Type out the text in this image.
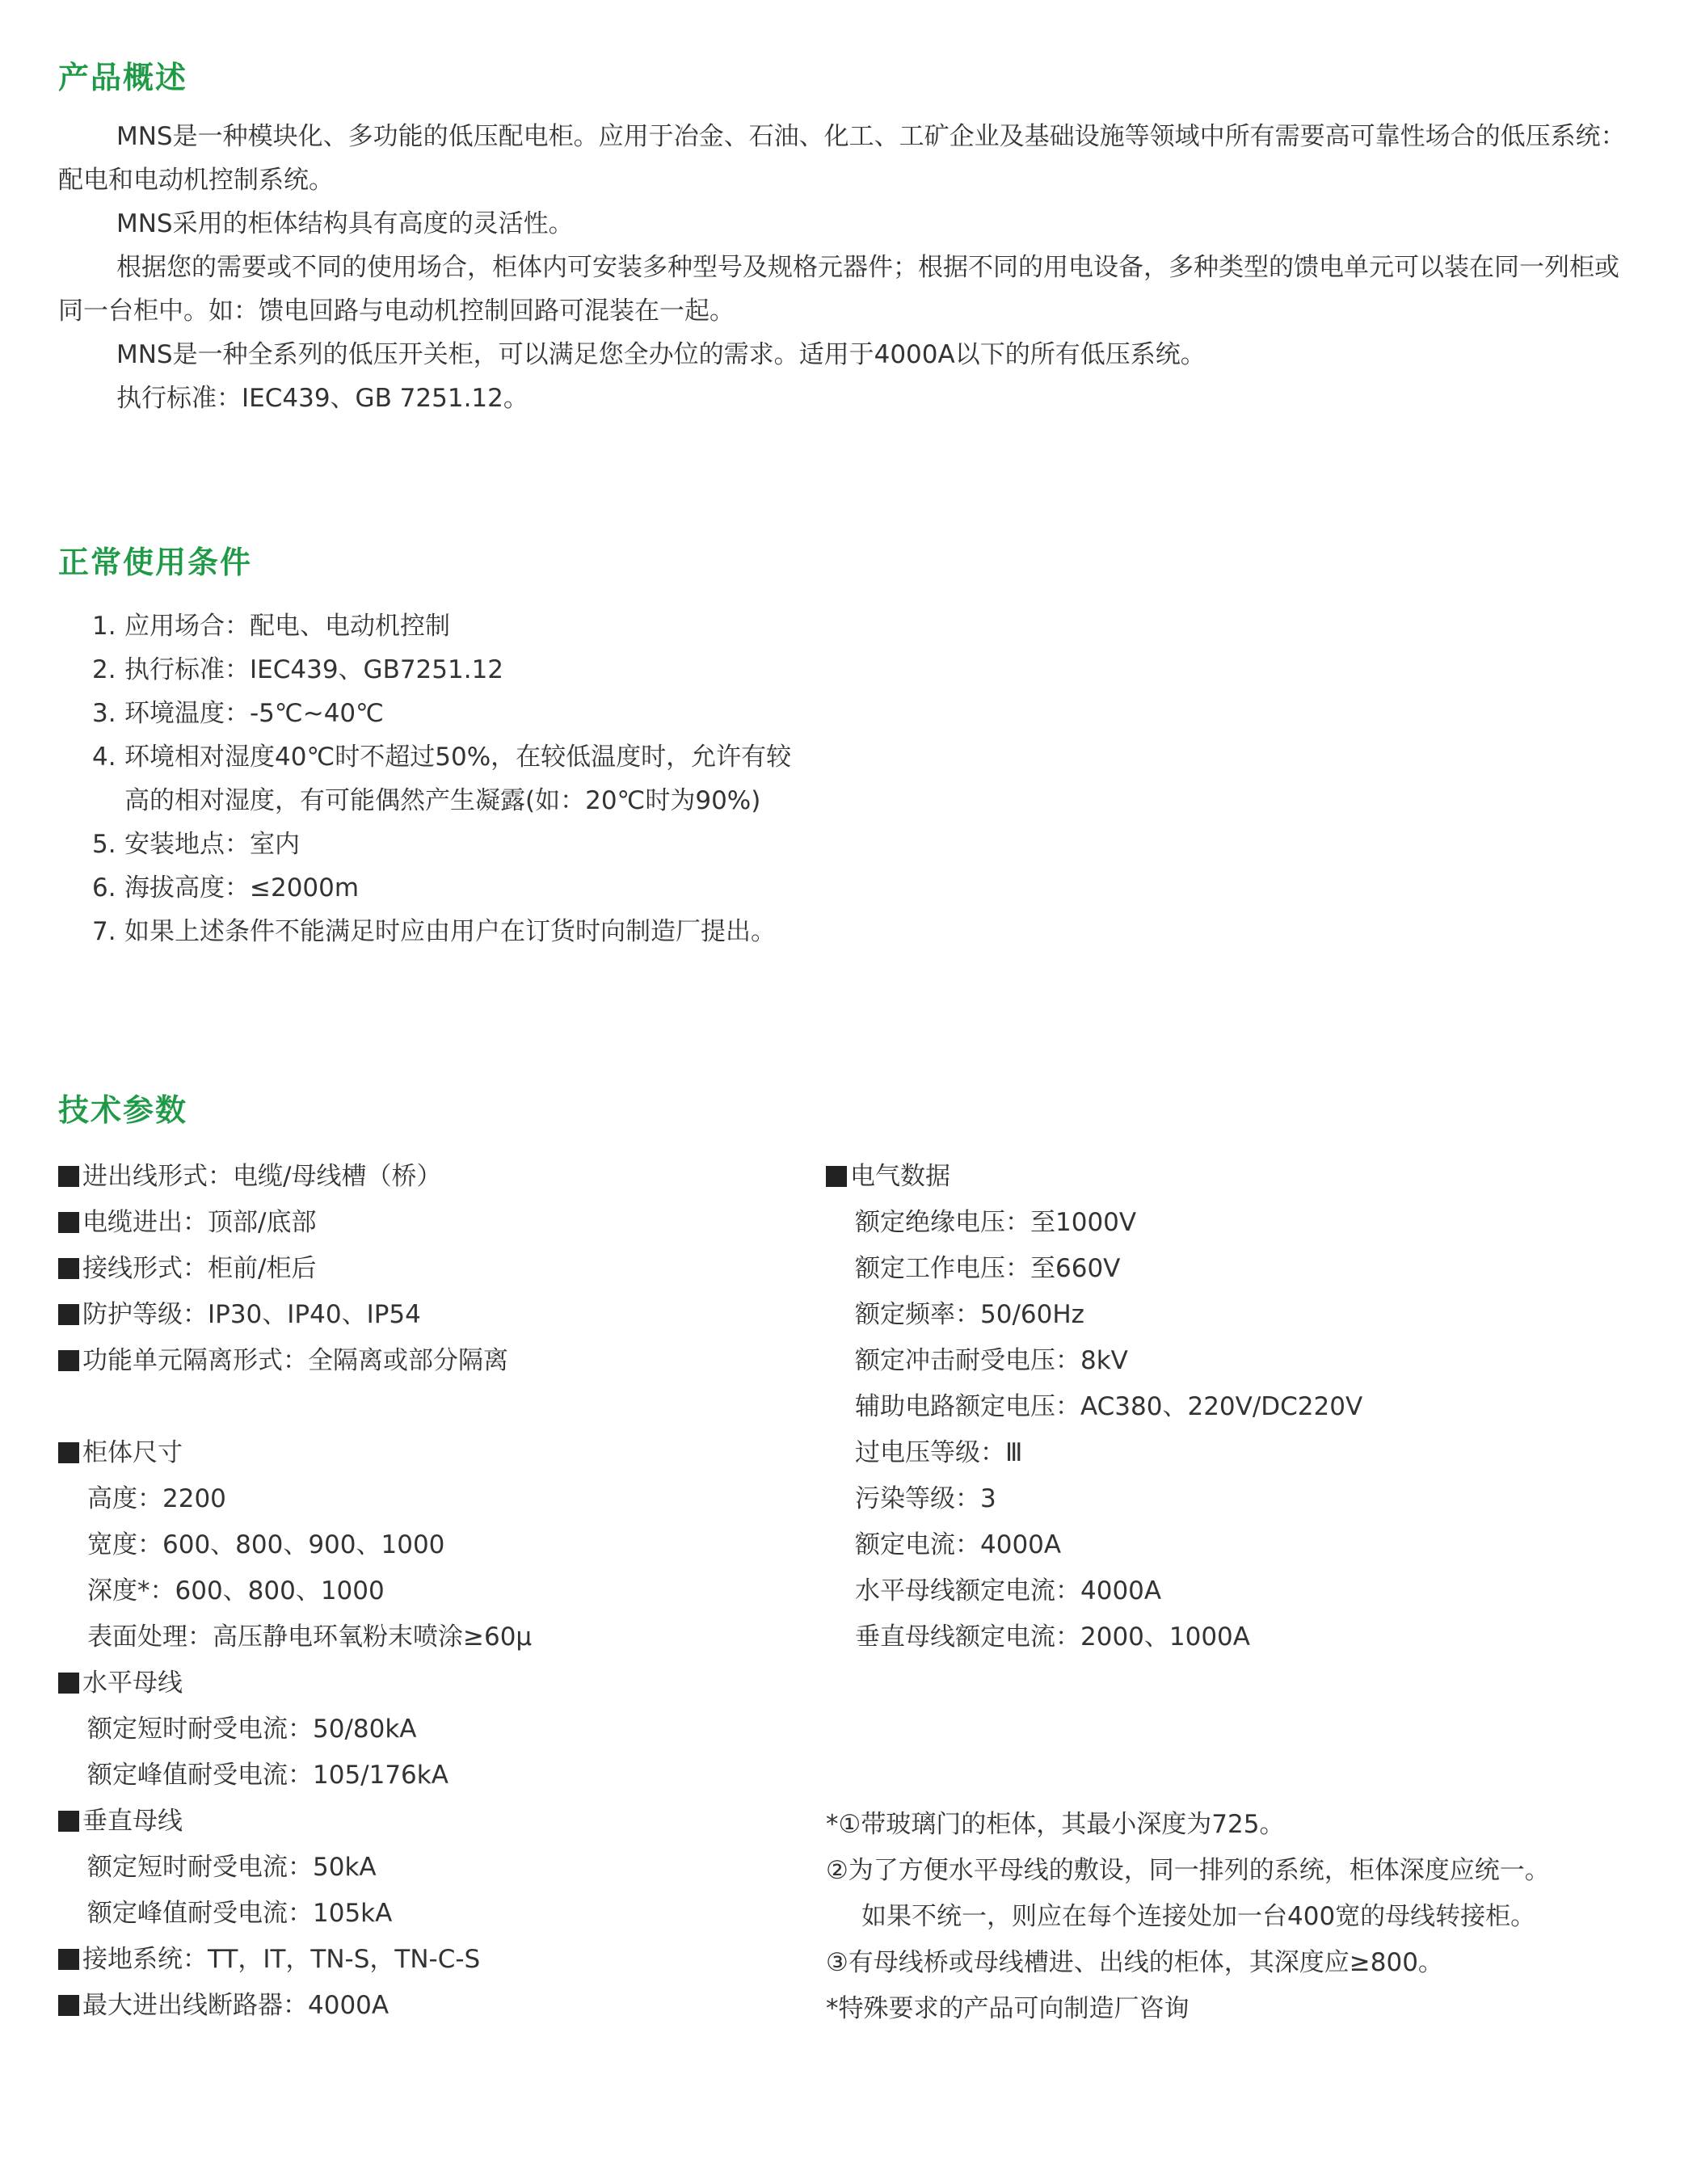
产品概述

MNS是一种模块化、多功能的低压配电柜。应用于冶金、石油、化工、工矿企业及基础设施等领域中所有需要高可靠性场合的低压系统：配电和电动机控制系统。

MNS采用的柜体结构具有高度的灵活性。

根据您的需要或不同的使用场合，柜体内可安装多种型号及规格元器件；根据不同的用电设备，多种类型的馈电单元可以装在同一列柜或同一台柜中。如：馈电回路与电动机控制回路可混装在一起。

MNS是一种全系列的低压开关柜，可以满足您全办位的需求。适用于4000A以下的所有低压系统。

执行标准：IEC439、GB 7251.12。

正常使用条件
1. 应用场合：配电、电动机控制
2. 执行标准：IEC439、GB7251.12
3. 环境温度：-5℃~40℃
4. 环境相对湿度40℃时不超过50%，在较低温度时，允许有较
高的相对湿度，有可能偶然产生凝露(如：20℃时为90%)
5. 安装地点：室内
6. 海拔高度：≤2000m
7. 如果上述条件不能满足时应由用户在订货时向制造厂提出。
技术参数
进出线形式：电缆/母线槽（桥）
电缆进出：顶部/底部
接线形式：柜前/柜后
防护等级：IP30、IP40、IP54
功能单元隔离形式：全隔离或部分隔离
柜体尺寸
高度：2200
宽度：600、800、900、1000
深度*：600、800、1000
表面处理：高压静电环氧粉末喷涂≥60μ
水平母线
额定短时耐受电流：50/80kA
额定峰值耐受电流：105/176kA
垂直母线
额定短时耐受电流：50kA
额定峰值耐受电流：105kA
接地系统：TT，IT，TN-S，TN-C-S
最大进出线断路器：4000A
电气数据
额定绝缘电压：至1000V
额定工作电压：至660V
额定频率：50/60Hz
额定冲击耐受电压：8kV
辅助电路额定电压：AC380、220V/DC220V
过电压等级：Ⅲ
污染等级：3
额定电流：4000A
水平母线额定电流：4000A
垂直母线额定电流：2000、1000A
*①带玻璃门的柜体，其最小深度为725。
②为了方便水平母线的敷设，同一排列的系统，柜体深度应统一。
如果不统一，则应在每个连接处加一台400宽的母线转接柜。
③有母线桥或母线槽进、出线的柜体，其深度应≥800。
*特殊要求的产品可向制造厂咨询
